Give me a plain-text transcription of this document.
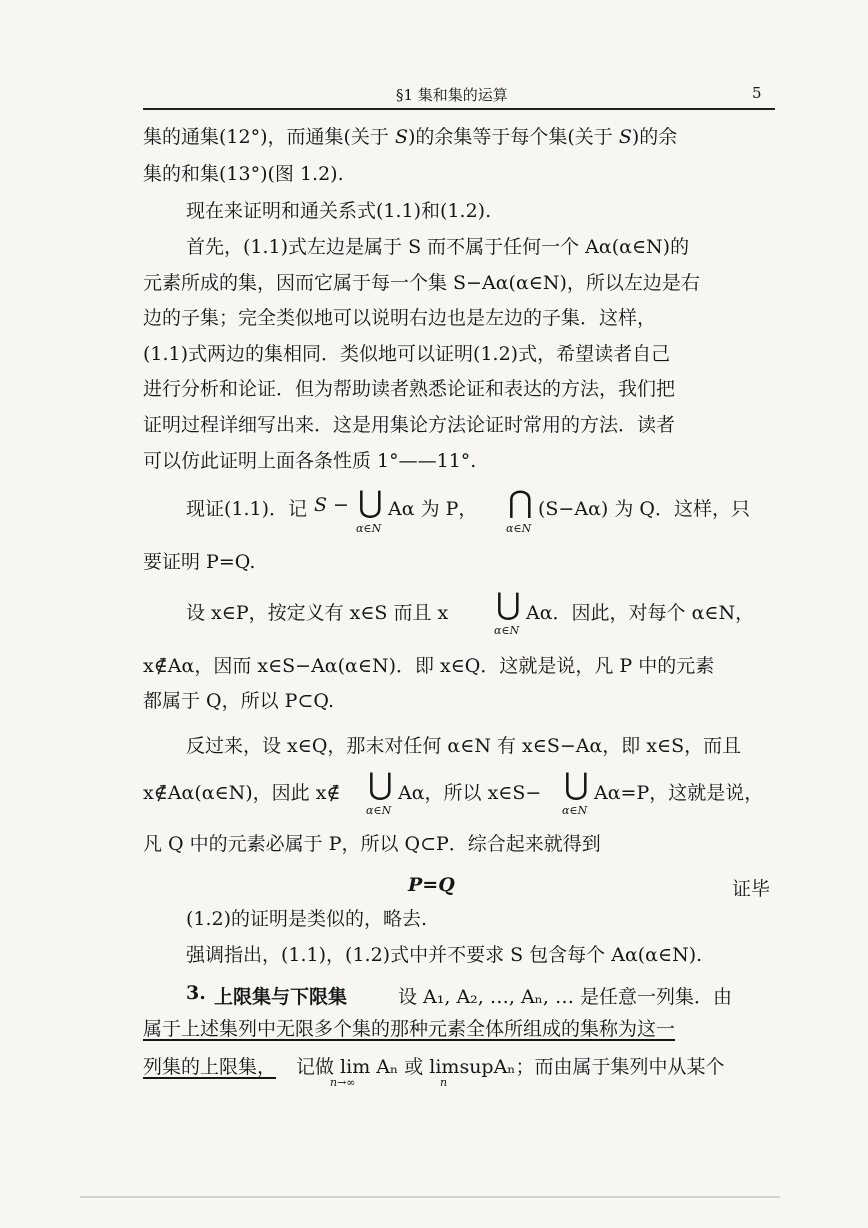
§1 集和集的运算	5
集的通集(12°)，而通集(关于 𝑆)的余集等于每个集(关于 𝑆)的余
集的和集(13°)(图 1.2).
现在来证明和通关系式(1.1)和(1.2).
首先，(1.1)式左边是属于 S 而不属于任何一个 Aα(α∈N)的
元素所成的集，因而它属于每一个集 S−Aα(α∈N)，所以左边是右
边的子集；完全类似地可以说明右边也是左边的子集．这样，
(1.1)式两边的集相同．类似地可以证明(1.2)式，希望读者自己
进行分析和论证．但为帮助读者熟悉论证和表达的方法，我们把
证明过程详细写出来．这是用集论方法论证时常用的方法．读者
可以仿此证明上面各条性质 1°——11°.
现证(1.1)．记 S − ⋃
α∈N
Aα 为 P， ⋂
α∈N
(S−Aα) 为 Q．这样，只
要证明 P=Q.
设 x∈P，按定义有 x∈S 而且 x ⋃
α∈N
Aα．因此，对每个 α∈N，
x∉̄Aα，因而 x∈S−Aα(α∈N)．即 x∈Q．这就是说，凡 P 中的元素
都属于 Q，所以 P⊂Q.
反过来，设 x∈Q，那末对任何 α∈N 有 x∈S−Aα，即 x∈S，而且
x∉̄Aα(α∈N)，因此 x∉̄ ⋃
α∈N
Aα，所以 x∈S− ⋃
α∈N
Aα=P，这就是说，
凡 Q 中的元素必属于 P，所以 Q⊂P．综合起来就得到
P=Q	证毕
(1.2)的证明是类似的，略去.
强调指出，(1.1)，(1.2)式中并不要求 S 包含每个 Aα(α∈N).
3. 上限集与下限集	设 A₁, A₂, …, Aₙ, … 是任意一列集．由
属于上述集列中无限多个集的那种元素全体所组成的集称为这一
列集的上限集， 记做 lim Aₙ 或 limsupAₙ；而由属于集列中从某个
n→∞	n
